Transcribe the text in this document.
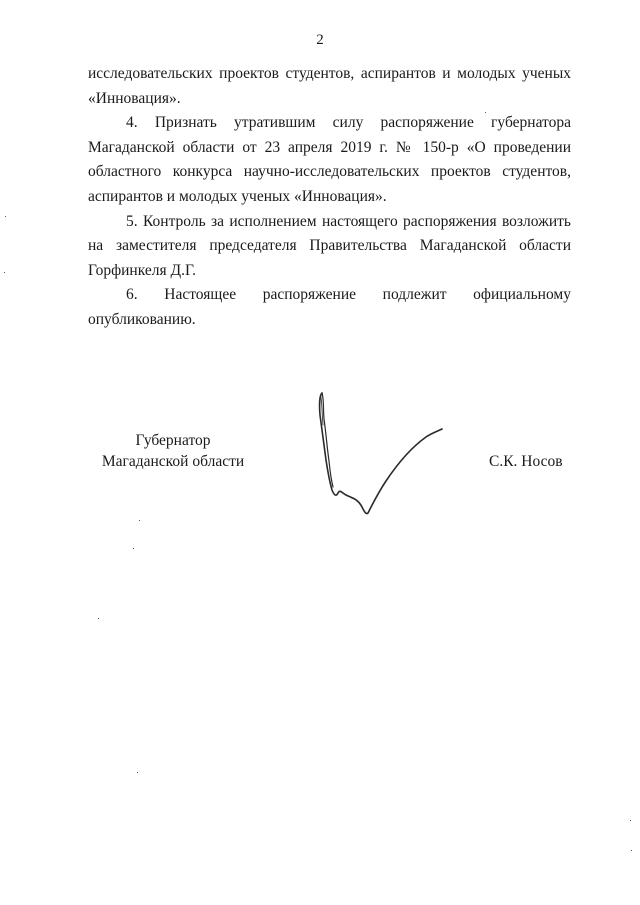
2

исследовательских проектов студентов, аспирантов и молодых ученых «Инновация».

4. Признать утратившим силу распоряжение губернатора Магаданской области от 23 апреля 2019 г. № 150-р «О проведении областного конкурса научно-исследовательских проектов студентов, аспирантов и молодых ученых «Инновация».

5. Контроль за исполнением настоящего распоряжения возложить на заместителя председателя Правительства Магаданской области Горфинкеля Д.Г.

6. Настоящее распоряжение подлежит официальному опубликованию.

Губернатор
Магаданской области	С.К. Носов
